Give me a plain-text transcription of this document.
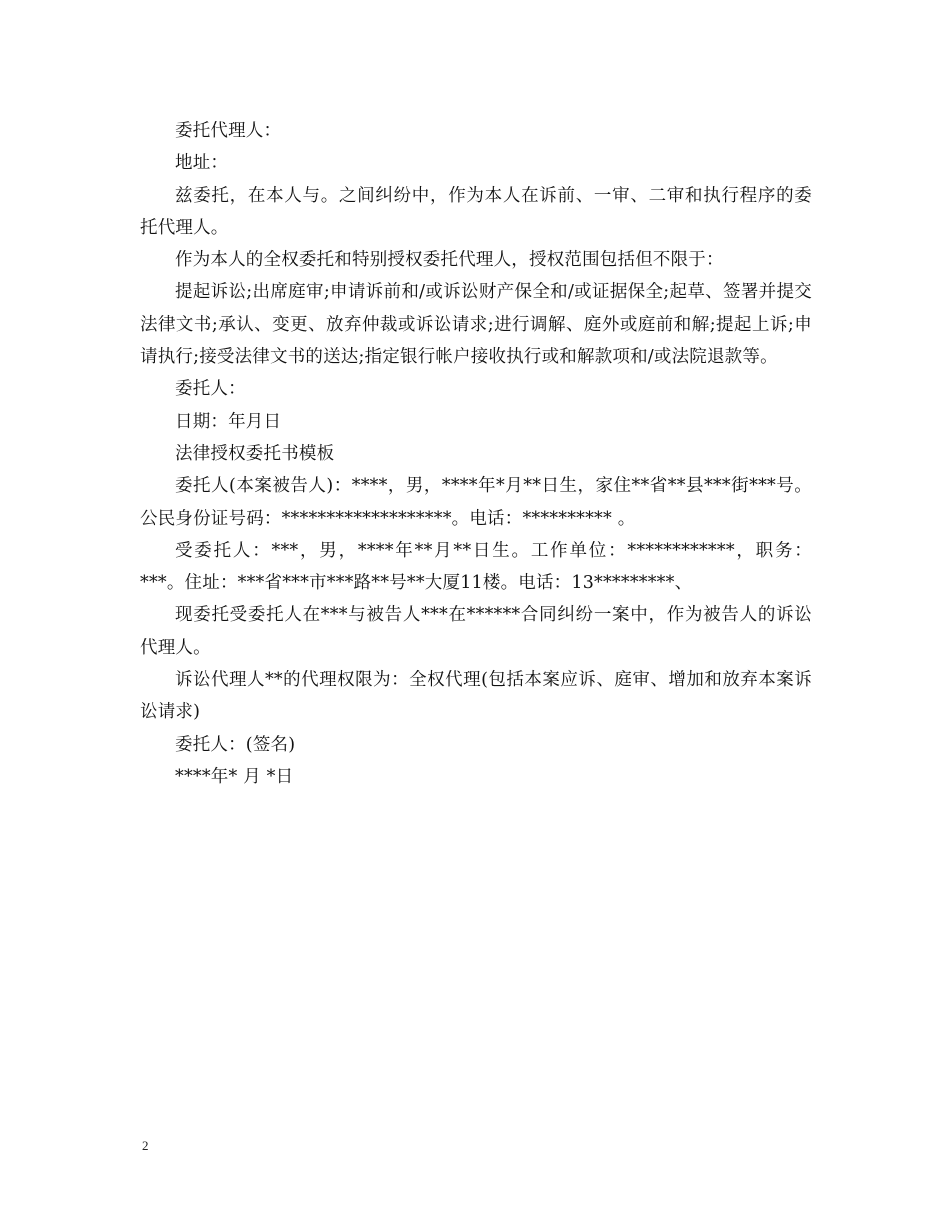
委托代理人：

地址：

兹委托，在本人与。之间纠纷中，作为本人在诉前、一审、二审和执行程序的委托代理人。

作为本人的全权委托和特别授权委托代理人，授权范围包括但不限于：

提起诉讼;出席庭审;申请诉前和/或诉讼财产保全和/或证据保全;起草、签署并提交法律文书;承认、变更、放弃仲裁或诉讼请求;进行调解、庭外或庭前和解;提起上诉;申请执行;接受法律文书的送达;指定银行帐户接收执行或和解款项和/或法院退款等。

委托人：

日期：年月日

法律授权委托书模板

委托人(本案被告人)：****，男，****年*月**日生，家住**省**县***街***号。公民身份证号码：*******************。电话：********** 。

受委托人：***，男，****年**月**日生。工作单位：************，职务：***。住址：***省***市***路**号**大厦11楼。电话：13*********、

现委托受委托人在***与被告人***在******合同纠纷一案中，作为被告人的诉讼代理人。

诉讼代理人**的代理权限为：全权代理(包括本案应诉、庭审、增加和放弃本案诉讼请求)

委托人：(签名)

****年* 月 *日

2
